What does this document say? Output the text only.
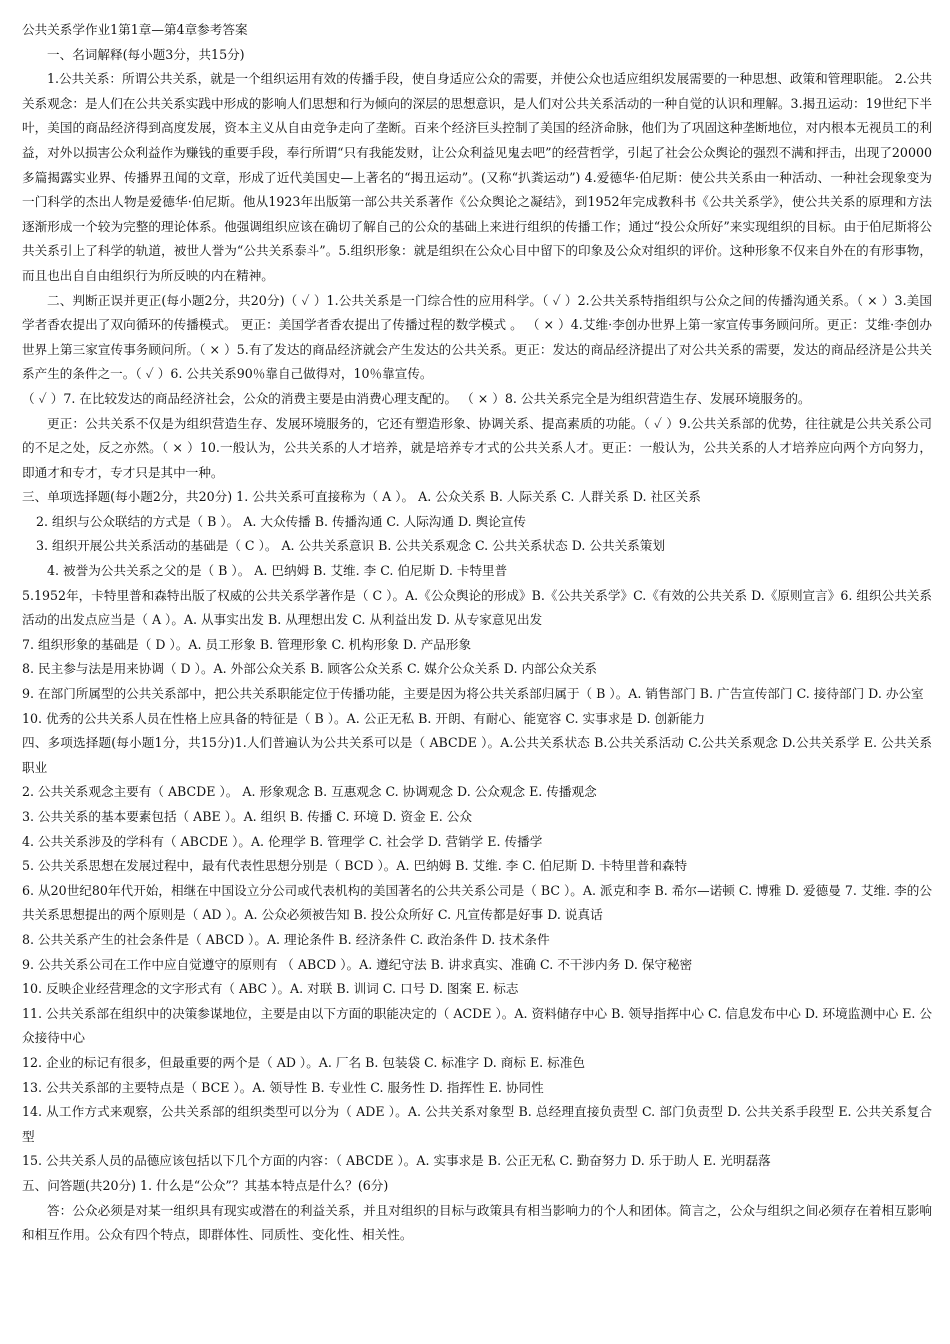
公共关系学作业1第1章—第4章参考答案

一、名词解释(每小题3分，共15分)

1.公共关系：所谓公共关系，就是一个组织运用有效的传播手段，使自身适应公众的需要，并使公众也适应组织发展需要的一种思想、政策和管理职能。 2.公共关系观念：是人们在公共关系实践中形成的影响人们思想和行为倾向的深层的思想意识，是人们对公共关系活动的一种自觉的认识和理解。3.揭丑运动：19世纪下半叶，美国的商品经济得到高度发展，资本主义从自由竞争走向了垄断。百来个经济巨头控制了美国的经济命脉，他们为了巩固这种垄断地位，对内根本无视员工的利益，对外以损害公众利益作为赚钱的重要手段，奉行所谓“只有我能发财，让公众利益见鬼去吧”的经营哲学，引起了社会公众舆论的强烈不满和抨击，出现了20000多篇揭露实业界、传播界丑闻的文章，形成了近代美国史—上著名的“揭丑运动”。(又称“扒粪运动”) 4.爱德华·伯尼斯：使公共关系由一种活动、一种社会现象变为一门科学的杰出人物是爱德华·伯尼斯。他从1923年出版第一部公共关系著作《公众舆论之凝结》，到1952年完成教科书《公共关系学》，使公共关系的原理和方法逐渐形成一个较为完整的理论体系。他强调组织应该在确切了解自己的公众的基础上来进行组织的传播工作；通过“投公众所好”来实现组织的目标。由于伯尼斯将公共关系引上了科学的轨道，被世人誉为“公共关系泰斗”。5.组织形象：就是组织在公众心目中留下的印象及公众对组织的评价。这种形象不仅来自外在的有形事物，而且也出自自由组织行为所反映的内在精神。

二、判断正误并更正(每小题2分，共20分)（ ✓ ）1.公共关系是一门综合性的应用科学。（ ✓ ）2.公共关系特指组织与公众之间的传播沟通关系。（ × ）3.美国学者香农提出了双向循环的传播模式。 更正：美国学者香农提出了传播过程的数学模式 。 （ × ）4.艾维·李创办世界上第一家宣传事务顾问所。更正：艾维·李创办世界上第三家宣传事务顾问所。（ × ）5.有了发达的商品经济就会产生发达的公共关系。更正：发达的商品经济提出了对公共关系的需要，发达的商品经济是公共关系产生的条件之一。（ ✓ ）6. 公共关系90％靠自己做得对，10％靠宣传。

（ ✓ ）7. 在比较发达的商品经济社会，公众的消费主要是由消费心理支配的。 （ × ）8. 公共关系完全是为组织营造生存、发展环境服务的。

更正：公共关系不仅是为组织营造生存、发展环境服务的，它还有塑造形象、协调关系、提高素质的功能。（ ✓ ）9.公共关系部的优势，往往就是公共关系公司的不足之处，反之亦然。（ × ）10.一般认为，公共关系的人才培养，就是培养专才式的公共关系人才。更正：一般认为，公共关系的人才培养应向两个方向努力，即通才和专才，专才只是其中一种。

三、单项选择题(每小题2分，共20分) 1. 公共关系可直接称为（ A ）。 A. 公众关系 B. 人际关系 C. 人群关系 D. 社区关系

2. 组织与公众联结的方式是（ B ）。 A. 大众传播 B. 传播沟通 C. 人际沟通 D. 舆论宣传

3. 组织开展公共关系活动的基础是（ C ）。 A. 公共关系意识 B. 公共关系观念 C. 公共关系状态 D. 公共关系策划

4. 被誉为公共关系之父的是（ B ）。 A. 巴纳姆 B. 艾维. 李 C. 伯尼斯 D. 卡特里普

5.1952年，卡特里普和森特出版了权威的公共关系学著作是（ C ）。A.《公众舆论的形成》B.《公共关系学》C.《有效的公共关系 D.《原则宣言》6. 组织公共关系活动的出发点应当是（ A ）。A. 从事实出发 B. 从理想出发 C. 从利益出发 D. 从专家意见出发

7. 组织形象的基础是（ D ）。A. 员工形象 B. 管理形象 C. 机构形象 D. 产品形象

8. 民主参与法是用来协调（ D ）。A. 外部公众关系 B. 顾客公众关系 C. 媒介公众关系 D. 内部公众关系

9. 在部门所属型的公共关系部中，把公共关系职能定位于传播功能，主要是因为将公共关系部归属于（ B ）。A. 销售部门 B. 广告宣传部门 C. 接待部门 D. 办公室

10. 优秀的公共关系人员在性格上应具备的特征是（ B ）。A. 公正无私 B. 开朗、有耐心、能宽容 C. 实事求是 D. 创新能力

四、多项选择题(每小题1分，共15分)1.人们普遍认为公共关系可以是（ ABCDE ）。A.公共关系状态 B.公共关系活动 C.公共关系观念 D.公共关系学 E. 公共关系职业

2. 公共关系观念主要有（ ABCDE ）。 A. 形象观念 B. 互惠观念 C. 协调观念 D. 公众观念 E. 传播观念

3. 公共关系的基本要素包括（ ABE ）。A. 组织 B. 传播 C. 环境 D. 资金 E. 公众

4. 公共关系涉及的学科有（ ABCDE ）。A. 伦理学 B. 管理学 C. 社会学 D. 营销学 E. 传播学

5. 公共关系思想在发展过程中，最有代表性思想分别是（ BCD ）。A. 巴纳姆 B. 艾维. 李 C. 伯尼斯 D. 卡特里普和森特

6. 从20世纪80年代开始，相继在中国设立分公司或代表机构的美国著名的公共关系公司是（ BC ）。A. 派克和李 B. 希尔—诺顿 C. 博雅 D. 爱德曼 7. 艾维. 李的公共关系思想提出的两个原则是（ AD ）。A. 公众必须被告知 B. 投公众所好 C. 凡宣传都是好事 D. 说真话

8. 公共关系产生的社会条件是（ ABCD ）。A. 理论条件 B. 经济条件 C. 政治条件 D. 技术条件

9. 公共关系公司在工作中应自觉遵守的原则有 （ ABCD ）。A. 遵纪守法 B. 讲求真实、准确 C. 不干涉内务 D. 保守秘密

10. 反映企业经营理念的文字形式有（ ABC ）。A. 对联 B. 训词 C. 口号 D. 图案 E. 标志

11. 公共关系部在组织中的决策参谋地位，主要是由以下方面的职能决定的（ ACDE ）。A. 资料储存中心 B. 领导指挥中心 C. 信息发布中心 D. 环境监测中心 E. 公众接待中心

12. 企业的标记有很多，但最重要的两个是（ AD ）。A. 厂名 B. 包装袋 C. 标准字 D. 商标 E. 标准色

13. 公共关系部的主要特点是（ BCE ）。A. 领导性 B. 专业性 C. 服务性 D. 指挥性 E. 协同性

14. 从工作方式来观察，公共关系部的组织类型可以分为（ ADE ）。A. 公共关系对象型 B. 总经理直接负责型 C. 部门负责型 D. 公共关系手段型 E. 公共关系复合型

15. 公共关系人员的品德应该包括以下几个方面的内容：（ ABCDE ）。A. 实事求是 B. 公正无私 C. 勤奋努力 D. 乐于助人 E. 光明磊落

五、问答题(共20分) 1. 什么是“公众”？其基本特点是什么？(6分)

答：公众必须是对某一组织具有现实或潜在的利益关系，并且对组织的目标与政策具有相当影响力的个人和团体。简言之，公众与组织之间必须存在着相互影响和相互作用。公众有四个特点，即群体性、同质性、变化性、相关性。
